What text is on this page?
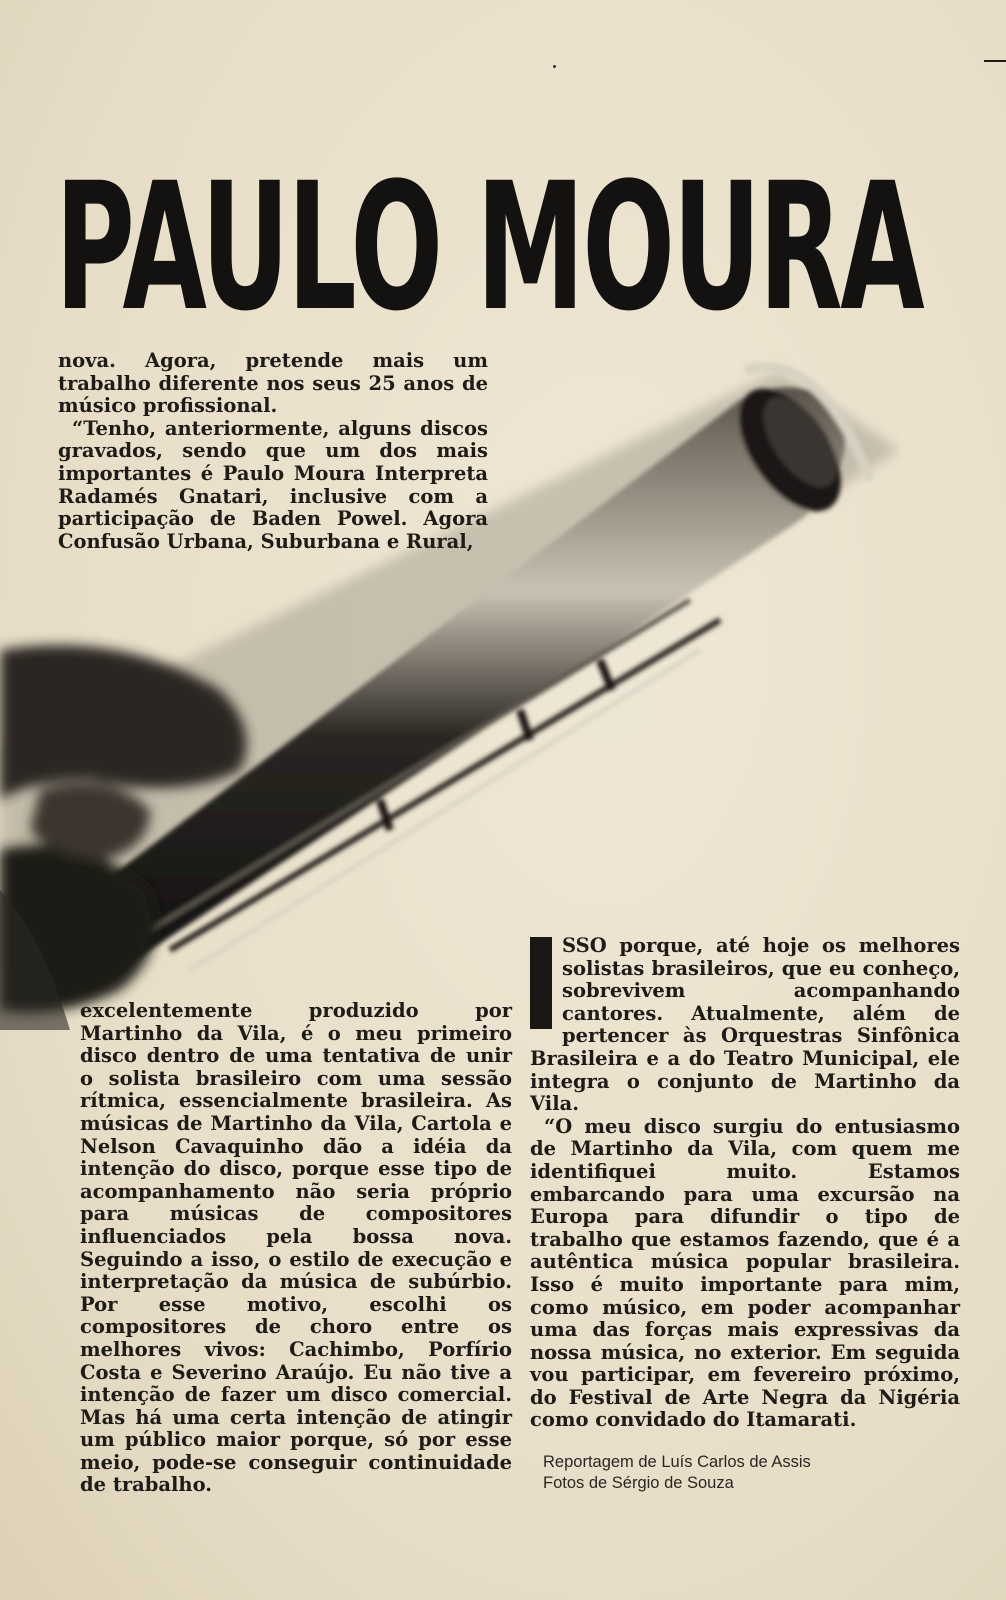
PAULO MOURA

nova. Agora, pretende mais um trabalho diferente nos seus 25 anos de músico profissional.

“Tenho, anteriormente, alguns discos gravados, sendo que um dos mais importantes é Paulo Moura Interpreta Radamés Gnatari, inclusive com a participação de Baden Powel. Agora Confusão Urbana, Suburbana e Rural,

excelentemente produzido por Martinho da Vila, é o meu primeiro disco dentro de uma tentativa de unir o solista brasileiro com uma sessão rítmica, essencialmente brasileira. As músicas de Martinho da Vila, Cartola e Nelson Cavaquinho dão a idéia da intenção do disco, porque esse tipo de acompanhamento não seria próprio para músicas de compositores influenciados pela bossa nova. Seguindo a isso, o estilo de execução e interpretação da música de subúrbio. Por esse motivo, escolhi os compositores de choro entre os melhores vivos: Cachimbo, Porfírio Costa e Severino Araújo. Eu não tive a intenção de fazer um disco comercial. Mas há uma certa intenção de atingir um público maior porque, só por esse meio, pode-se conseguir continuidade de trabalho.

SSO porque, até hoje os melhores solistas brasileiros, que eu conheço, sobrevivem acompanhando cantores. Atualmente, além de pertencer às Orquestras Sinfônica Brasileira e a do Teatro Municipal, ele integra o conjunto de Martinho da Vila.

“O meu disco surgiu do entusiasmo de Martinho da Vila, com quem me identifiquei muito. Estamos embarcando para uma excursão na Europa para difundir o tipo de trabalho que estamos fazendo, que é a autêntica música popular brasileira. Isso é muito importante para mim, como músico, em poder acompanhar uma das forças mais expressivas da nossa música, no exterior. Em seguida vou participar, em fevereiro próximo, do Festival de Arte Negra da Nigéria como convidado do Itamarati.

Reportagem de Luís Carlos de Assis
Fotos de Sérgio de Souza
